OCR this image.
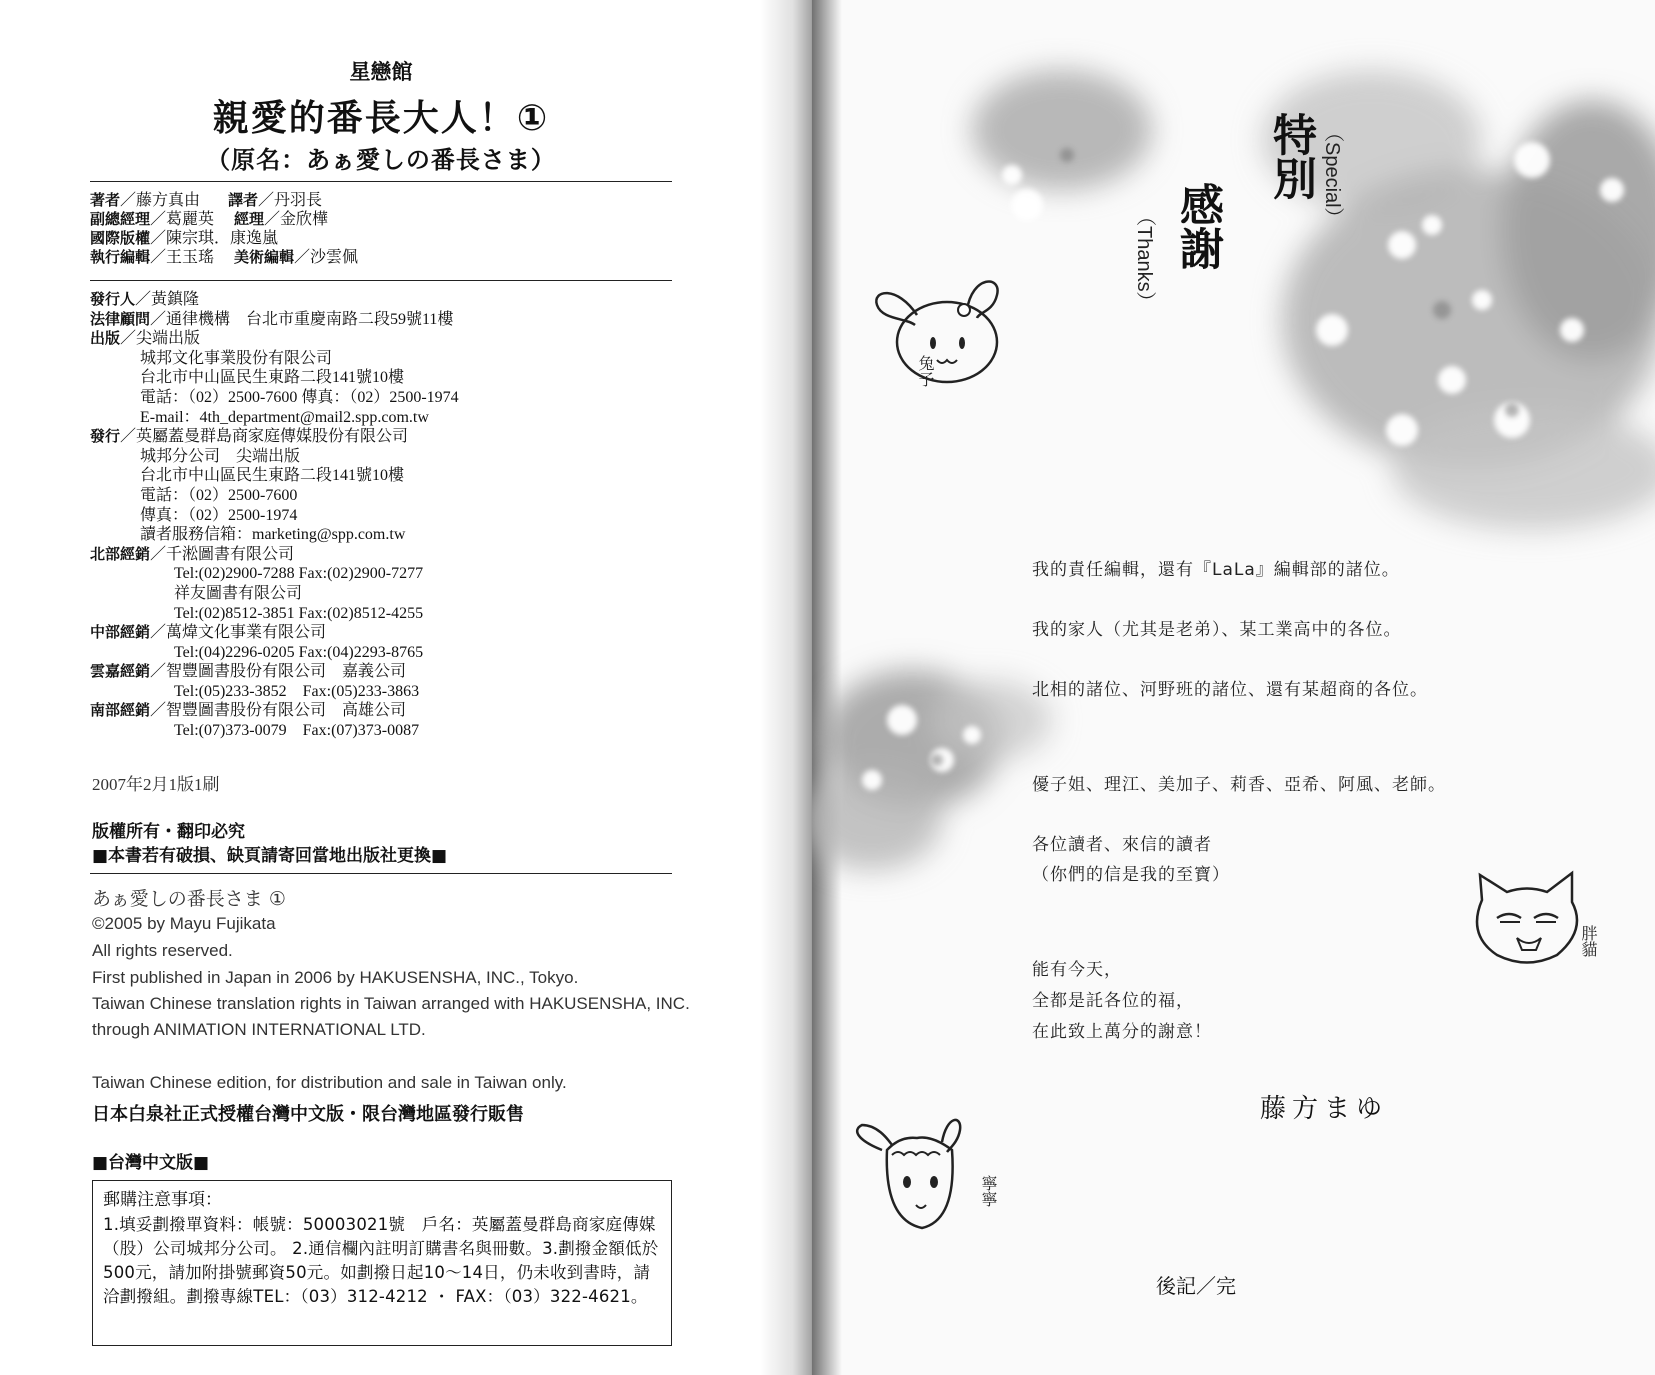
星戀館
親愛的番長大人！①
（原名：あぁ愛しの番長さま）
著者／藤方真由 譯者／丹羽長
副總經理／葛麗英 經理／金欣樺
國際版權／陳宗琪．康逸嵐
執行編輯／王玉瑤 美術編輯／沙雲佩
發行人／黃鎮隆
法律顧問／通律機構　台北市重慶南路二段59號11樓
出版／尖端出版
城邦文化事業股份有限公司
台北市中山區民生東路二段141號10樓
電話：（02）2500-7600 傳真：（02）2500-1974
E-mail：4th_department@mail2.spp.com.tw
發行／英屬蓋曼群島商家庭傳媒股份有限公司
城邦分公司　尖端出版
台北市中山區民生東路二段141號10樓
電話：（02）2500-7600
傳真：（02）2500-1974
讀者服務信箱：marketing@spp.com.tw
北部經銷／千淞圖書有限公司
Tel:(02)2900-7288 Fax:(02)2900-7277
祥友圖書有限公司
Tel:(02)8512-3851 Fax:(02)8512-4255
中部經銷／萬煒文化事業有限公司
Tel:(04)2296-0205 Fax:(04)2293-8765
雲嘉經銷／智豐圖書股份有限公司　嘉義公司
Tel:(05)233-3852　Fax:(05)233-3863
南部經銷／智豐圖書股份有限公司　高雄公司
Tel:(07)373-0079　Fax:(07)373-0087
2007年2月1版1刷
版權所有・翻印必究
■本書若有破損、缺頁請寄回當地出版社更換■
あぁ愛しの番長さま ①
©2005 by Mayu Fujikata
All rights reserved.
First published in Japan in 2006 by HAKUSENSHA, INC., Tokyo.
Taiwan Chinese translation rights in Taiwan arranged with HAKUSENSHA, INC.
through ANIMATION INTERNATIONAL LTD.
Taiwan Chinese edition, for distribution and sale in Taiwan only.
日本白泉社正式授權台灣中文版・限台灣地區發行販售
■台灣中文版■
郵購注意事項：
1.填妥劃撥單資料：帳號：50003021號　戶名：英屬蓋曼群島商家庭傳媒（股）公司城邦分公司。 2.通信欄內註明訂購書名與冊數。3.劃撥金額低於500元，請加附掛號郵資50元。如劃撥日起10～14日，仍未收到書時，請洽劃撥組。劃撥專線TEL：（03）312-4212 ・ FAX：（03）322-4621。
特別 （Special）
感謝
（Thanks）
兔子
我的責任編輯，還有『LaLa』編輯部的諸位。
我的家人（尤其是老弟）、某工業高中的各位。
北相的諸位、河野班的諸位、還有某超商的各位。
優子姐、理江、美加子、莉香、亞希、阿風、老師。
各位讀者、來信的讀者
（你們的信是我的至寶）
能有今天，
全都是託各位的福，
在此致上萬分的謝意！
胖貓
藤方まゆ
寧寧
後記／完
